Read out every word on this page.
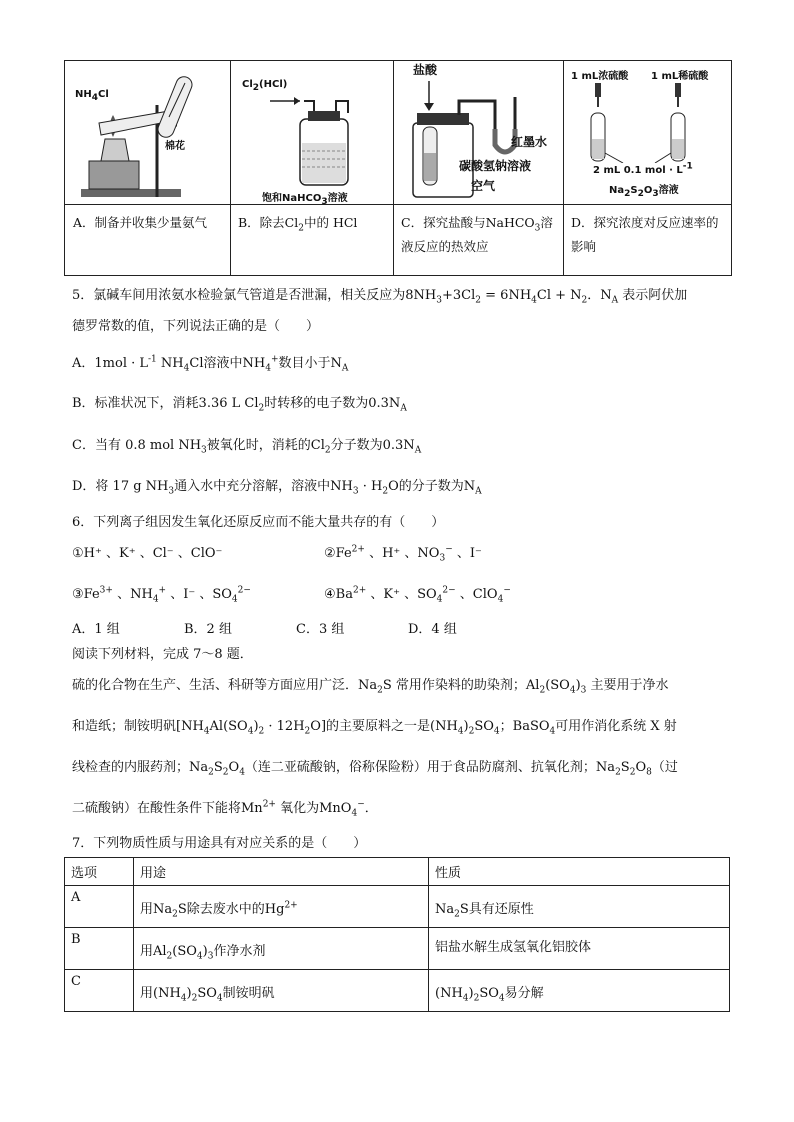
$NH_4Cl$
棉花
A．制备并收集少量氨气
$Cl_2(HCl)$
饱和NaHCO$_3$溶液
B．除去$Cl_2$中的 HCl
盐酸
红墨水
碳酸氢钠溶液
空气
C．探究盐酸与NaHCO$_3$溶液反应的热效应
1 mL浓硫酸 1 mL稀硫酸
2 mL 0.1 mol · $L^{-1}$
$Na_2S_2O_3$溶液
D．探究浓度对反应速率的影响
5．氯碱车间用浓氨水检验氯气管道是否泄漏，相关反应为$8NH_3+3Cl_2 = 6NH_4Cl + N_2$．$N_A$ 表示阿伏加
德罗常数的值，下列说法正确的是（　　）
A．$1mol \cdot L^{-1}$ $NH_4Cl$溶液中$NH_4^+$数目小于$N_A$
B．标准状况下，消耗3.36 L $Cl_2$时转移的电子数为$0.3N_A$
C．当有 0.8 mol $NH_3$被氧化时，消耗的$Cl_2$分子数为$0.3N_A$
D．将 17 g $NH_3$通入水中充分溶解，溶液中$NH_3 \cdot H_2O$的分子数为$N_A$
6．下列离子组因发生氧化还原反应而不能大量共存的有（　　）
①H⁺ 、K⁺ 、Cl⁻ 、ClO⁻	$②Fe^{2+}$ 、H⁺ 、$NO_3^-$ 、I⁻
$③Fe^{3+}$ 、$NH_4^+$ 、I⁻ 、$SO_4^{2-}$	$④Ba^{2+}$ 、K⁺ 、$SO_4^{2-}$ 、ClO$_4$−
A．1 组	B．2 组	C．3 组	D．4 组
阅读下列材料，完成 7～8 题．
硫的化合物在生产、生活、科研等方面应用广泛．$Na_2S$ 常用作染料的助染剂；$Al_2(SO_4)_3$ 主要用于净水
和造纸；制铵明矾$[NH_4Al(SO_4)_2 \cdot 12H_2O]$的主要原料之一是$(NH_4)_2SO_4$；BaSO$_4$可用作消化系统 X 射
线检查的内服药剂；$Na_2S_2O_4$（连二亚硫酸钠，俗称保险粉）用于食品防腐剂、抗氧化剂；$Na_2S_2O_8$（过
二硫酸钠）在酸性条件下能将$Mn^{2+}$ 氧化为MnO$_4$−．
7．下列物质性质与用途具有对应关系的是（　　）
选项	用途	性质
A	用$Na_2S$除去废水中的$Hg^{2+}$	$Na_2S$具有还原性
B	用$Al_2(SO_4)_3$作净水剂	铝盐水解生成氢氧化铝胶体
C	用$(NH_4)_2SO_4$制铵明矾	$(NH_4)_2SO_4$易分解
